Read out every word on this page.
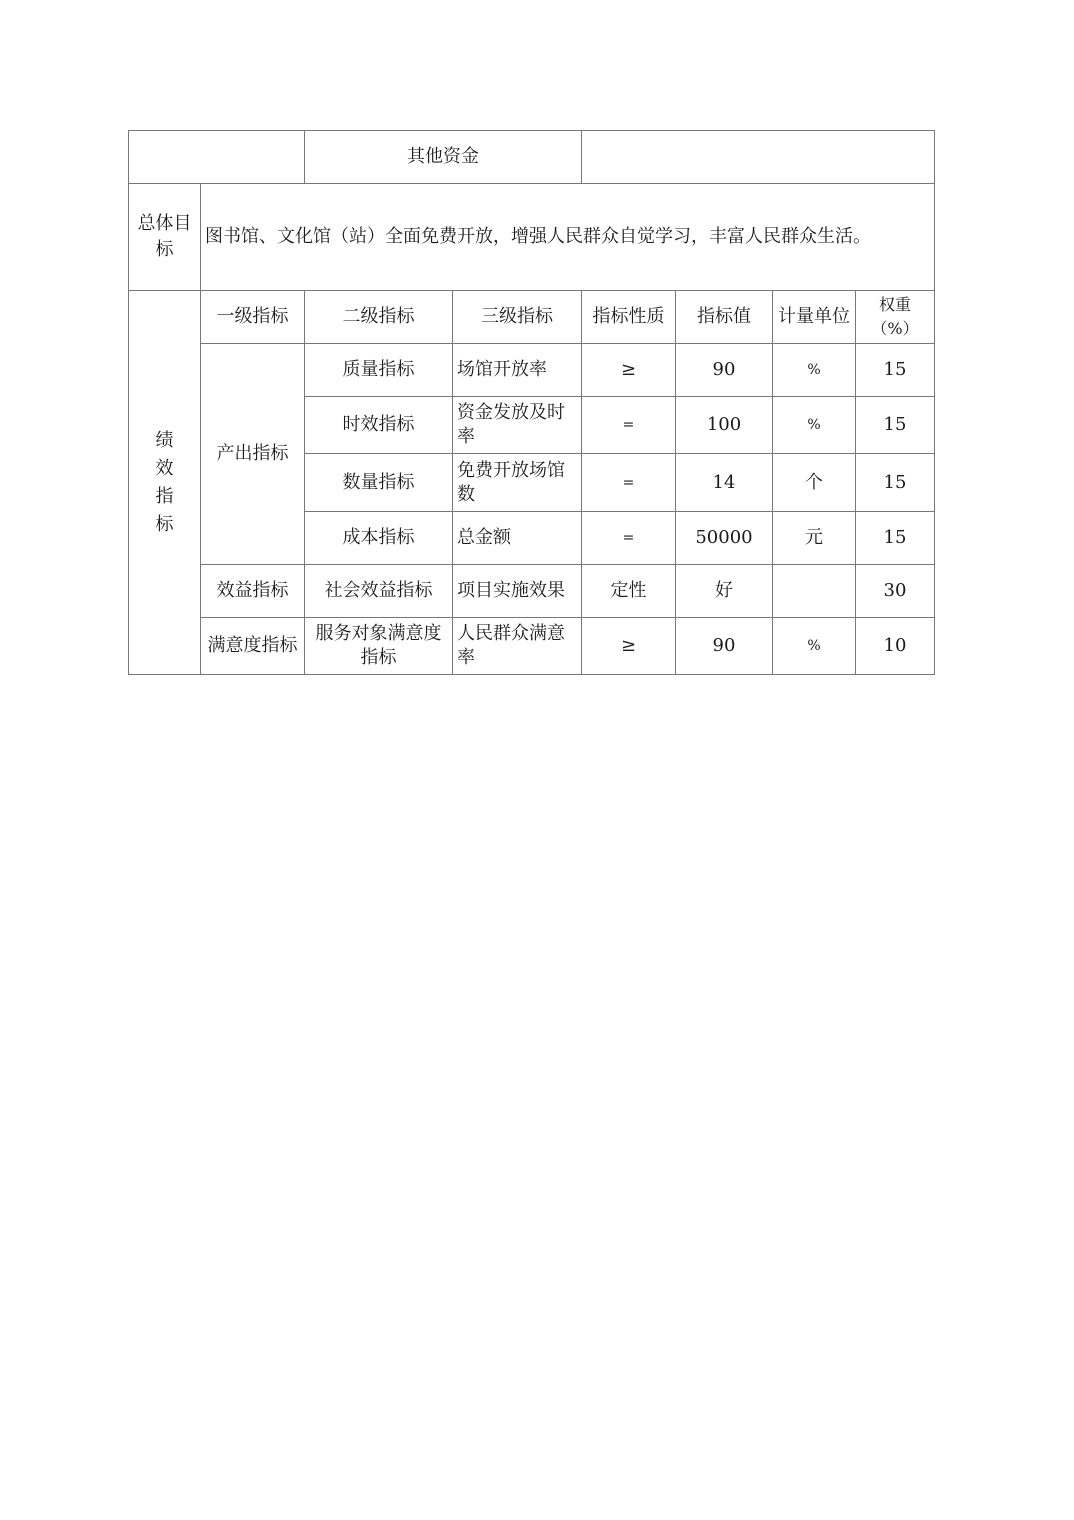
		其他资金					
总体目标	图书馆、文化馆（站）全面免费开放，增强人民群众自觉学习，丰富人民群众生活。						
绩效指标	一级指标	二级指标	三级指标	指标性质	指标值	计量单位	权重（%）
	产出指标	质量指标	场馆开放率	≥	90	%	15
		时效指标	资金发放及时率	=	100	%	15
		数量指标	免费开放场馆数	=	14	个	15
		成本指标	总金额	=	50000	元	15
	效益指标	社会效益指标	项目实施效果	定性	好		30
	满意度指标	服务对象满意度指标	人民群众满意率	≥	90	%	10
